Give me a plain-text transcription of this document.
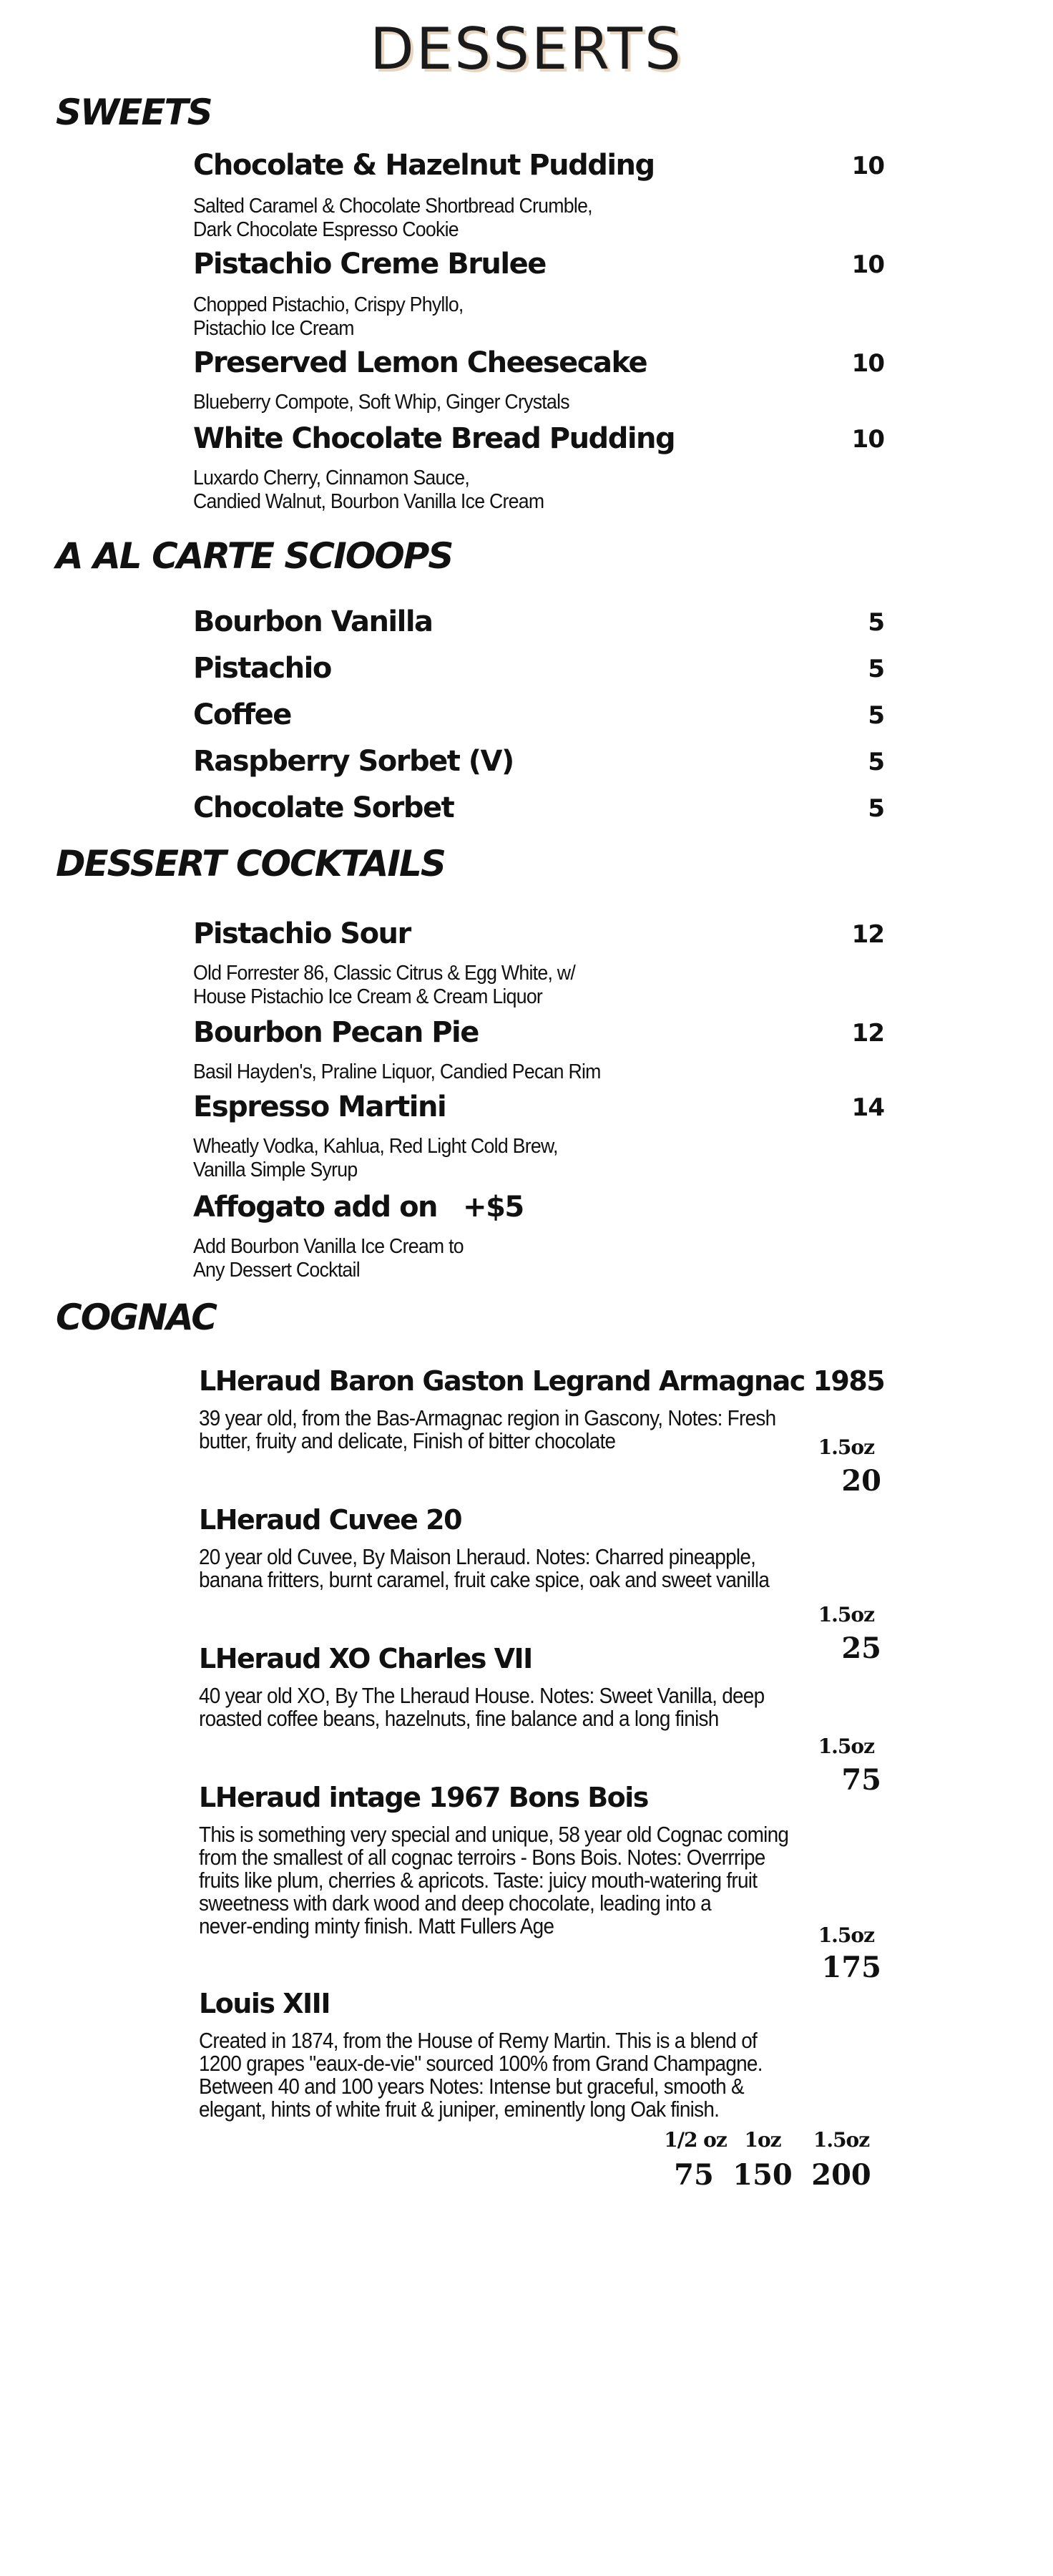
DESSERTS
SWEETS
Chocolate & Hazelnut Pudding	10
Salted Caramel & Chocolate Shortbread Crumble,
Dark Chocolate Espresso Cookie
Pistachio Creme Brulee	10
Chopped Pistachio, Crispy Phyllo,
Pistachio Ice Cream
Preserved Lemon Cheesecake	10
Blueberry Compote, Soft Whip, Ginger Crystals
White Chocolate Bread Pudding	10
Luxardo Cherry, Cinnamon Sauce,
Candied Walnut, Bourbon Vanilla Ice Cream
A AL CARTE SCIOOPS
Bourbon Vanilla	5
Pistachio	5
Coffee	5
Raspberry Sorbet (V)	5
Chocolate Sorbet	5
DESSERT COCKTAILS
Pistachio Sour	12
Old Forrester 86, Classic Citrus & Egg White, w/
House Pistachio Ice Cream & Cream Liquor
Bourbon Pecan Pie	12
Basil Hayden's, Praline Liquor, Candied Pecan Rim
Espresso Martini	14
Wheatly Vodka, Kahlua, Red Light Cold Brew,
Vanilla Simple Syrup
Affogato add on +$5
Add Bourbon Vanilla Ice Cream to
Any Dessert Cocktail
COGNAC
LHeraud Baron Gaston Legrand Armagnac 1985
39 year old, from the Bas-Armagnac region in Gascony, Notes: Fresh
butter, fruity and delicate, Finish of bitter chocolate	1.5oz
20
LHeraud Cuvee 20
20 year old Cuvee, By Maison Lheraud. Notes: Charred pineapple,
banana fritters, burnt caramel, fruit cake spice, oak and sweet vanilla
1.5oz
25
LHeraud XO Charles VII
40 year old XO, By The Lheraud House. Notes: Sweet Vanilla, deep
roasted coffee beans, hazelnuts, fine balance and a long finish
1.5oz
75
LHeraud intage 1967 Bons Bois
This is something very special and unique, 58 year old Cognac coming
from the smallest of all cognac terroirs - Bons Bois. Notes: Overrripe
fruits like plum, cherries & apricots. Taste: juicy mouth-watering fruit
sweetness with dark wood and deep chocolate, leading into a
never-ending minty finish. Matt Fullers Age	1.5oz
175
Louis XIII
Created in 1874, from the House of Remy Martin. This is a blend of
1200 grapes "eaux-de-vie" sourced 100% from Grand Champagne.
Between 40 and 100 years Notes: Intense but graceful, smooth &
elegant, hints of white fruit & juniper, eminently long Oak finish.
1/2 oz 1oz	1.5oz
75 150 200
